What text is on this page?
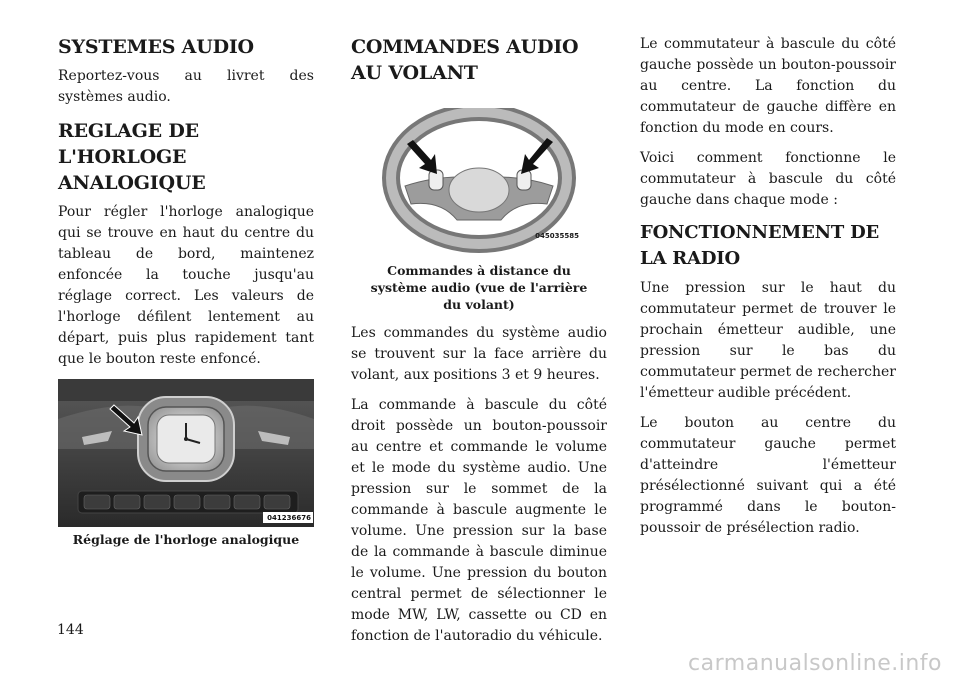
SYSTEMES AUDIO

Reportez-vous au livret des systèmes audio.

REGLAGE DE L'HORLOGE ANALOGIQUE

Pour régler l'horloge analogique qui se trouve en haut du centre du tableau de bord, maintenez enfoncée la touche jusqu'au réglage correct. Les valeurs de l'horloge défilent lentement au départ, puis plus rapidement tant que le bouton reste enfoncé.

041236676
Réglage de l'horloge analogique
COMMANDES AUDIO AU VOLANT
045035585
Commandes à distance du système audio (vue de l'arrière du volant)

Les commandes du système audio se trouvent sur la face arrière du volant, aux positions 3 et 9 heures.

La commande à bascule du côté droit possède un bouton-poussoir au centre et commande le volume et le mode du système audio. Une pression sur le sommet de la commande à bascule augmente le volume. Une pression sur la base de la commande à bascule diminue le volume. Une pression du bouton central permet de sélectionner le mode MW, LW, cassette ou CD en fonction de l'autoradio du véhicule.

Le commutateur à bascule du côté gauche possède un bouton-poussoir au centre. La fonction du commutateur de gauche diffère en fonction du mode en cours.

Voici comment fonctionne le commutateur à bascule du côté gauche dans chaque mode :

FONCTIONNEMENT DE LA RADIO

Une pression sur le haut du commutateur permet de trouver le prochain émetteur audible, une pression sur le bas du commutateur permet de rechercher l'émetteur audible précédent.

Le bouton au centre du commutateur gauche permet d'atteindre l'émetteur présélectionné suivant qui a été programmé dans le bouton-poussoir de présélection radio.

144
carmanualsonline.info
